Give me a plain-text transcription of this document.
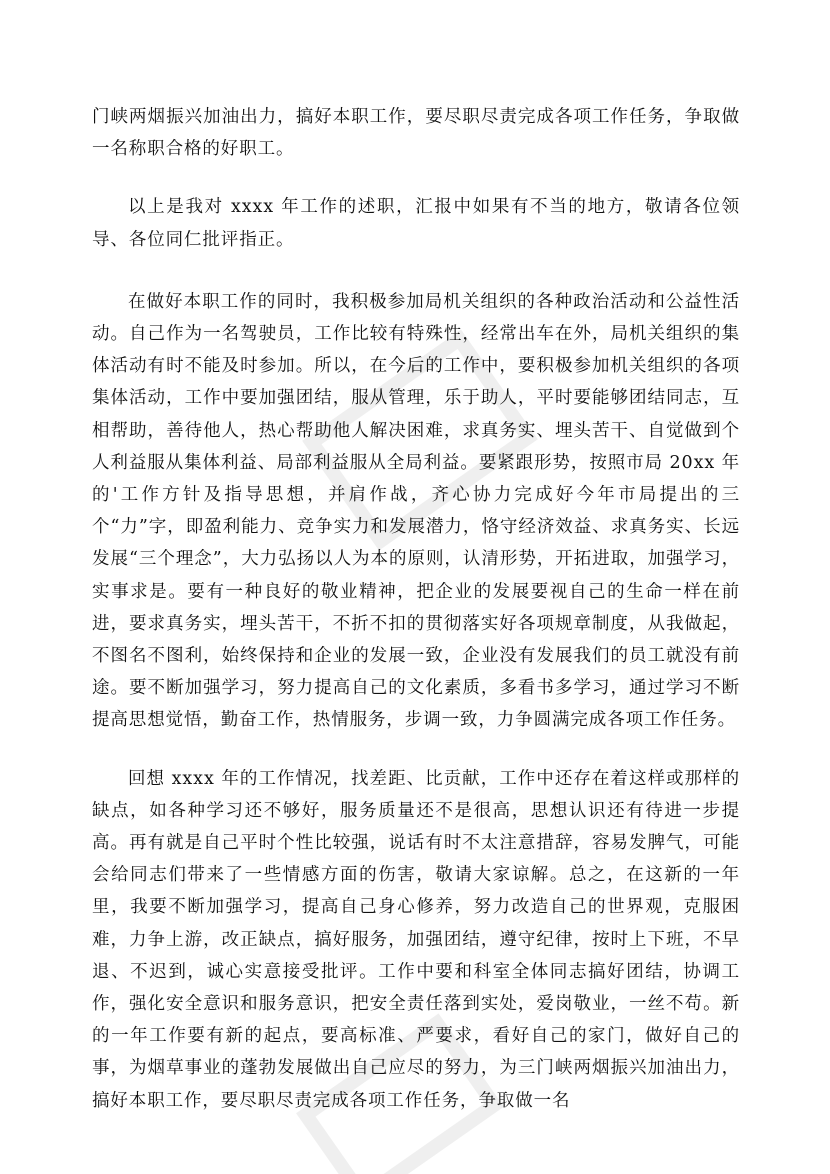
门峡两烟振兴加油出力，搞好本职工作，要尽职尽责完成各项工作任务，争取做一名称职合格的好职工。

以上是我对 xxxx 年工作的述职，汇报中如果有不当的地方，敬请各位领导、各位同仁批评指正。

在做好本职工作的同时，我积极参加局机关组织的各种政治活动和公益性活动。自己作为一名驾驶员，工作比较有特殊性，经常出车在外，局机关组织的集体活动有时不能及时参加。所以，在今后的工作中，要积极参加机关组织的各项集体活动，工作中要加强团结，服从管理，乐于助人，平时要能够团结同志，互相帮助，善待他人，热心帮助他人解决困难，求真务实、埋头苦干、自觉做到个人利益服从集体利益、局部利益服从全局利益。要紧跟形势，按照市局 20xx 年的'工作方针及指导思想，并肩作战，齐心协力完成好今年市局提出的三个“力”字，即盈利能力、竞争实力和发展潜力，恪守经济效益、求真务实、长远发展“三个理念”，大力弘扬以人为本的原则，认清形势，开拓进取，加强学习，实事求是。要有一种良好的敬业精神，把企业的发展要视自己的生命一样在前进，要求真务实，埋头苦干，不折不扣的贯彻落实好各项规章制度，从我做起，不图名不图利，始终保持和企业的发展一致，企业没有发展我们的员工就没有前途。要不断加强学习，努力提高自己的文化素质，多看书多学习，通过学习不断提高思想觉悟，勤奋工作，热情服务，步调一致，力争圆满完成各项工作任务。

回想 xxxx 年的工作情况，找差距、比贡献，工作中还存在着这样或那样的缺点，如各种学习还不够好，服务质量还不是很高，思想认识还有待进一步提高。再有就是自己平时个性比较强，说话有时不太注意措辞，容易发脾气，可能会给同志们带来了一些情感方面的伤害，敬请大家谅解。总之，在这新的一年里，我要不断加强学习，提高自己身心修养，努力改造自己的世界观，克服困难，力争上游，改正缺点，搞好服务，加强团结，遵守纪律，按时上下班，不早退、不迟到，诚心实意接受批评。工作中要和科室全体同志搞好团结，协调工作，强化安全意识和服务意识，把安全责任落到实处，爱岗敬业，一丝不苟。新的一年工作要有新的起点，要高标准、严要求，看好自己的家门，做好自己的事，为烟草事业的蓬勃发展做出自己应尽的努力，为三门峡两烟振兴加油出力，搞好本职工作，要尽职尽责完成各项工作任务，争取做一名
